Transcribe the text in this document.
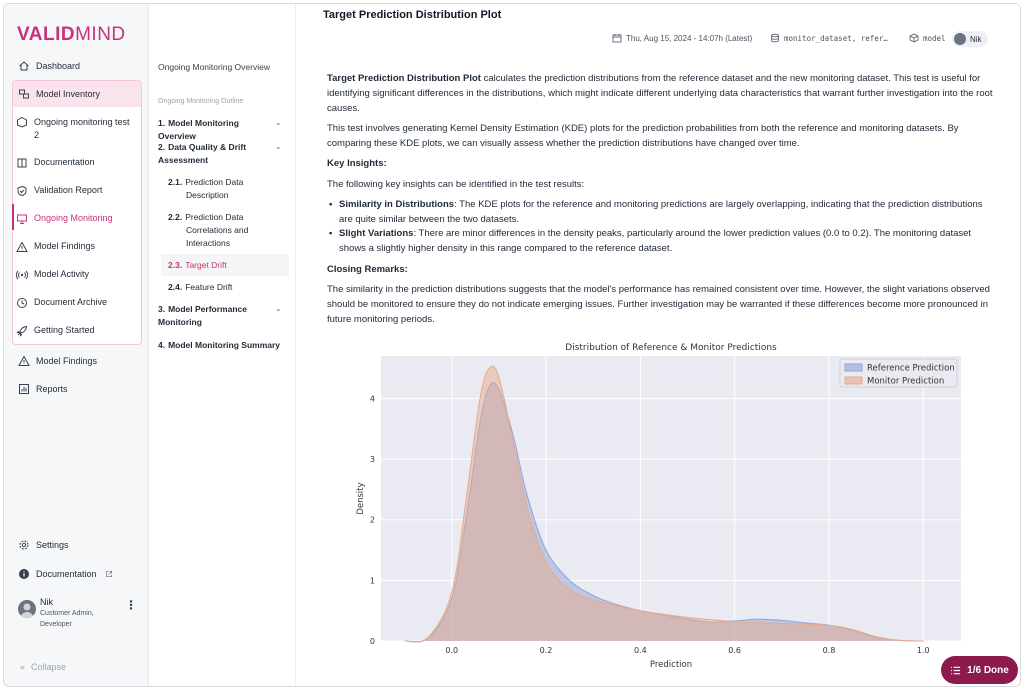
VALIDMIND
Dashboard
Model Inventory
Ongoing monitoring test 2
Documentation
Validation Report
Ongoing Monitoring
Model Findings
Model Activity
Document Archive
Getting Started
Model Findings
Reports
Settings
Documentation
Nik
Customer Admin, Developer
⋮
« Collapse
Ongoing Monitoring Overview
Ongoing Monitoring Outline
1. Model Monitoring Overview
⌄
2. Data Quality & Drift Assessment
⌄
2.1. Prediction Data Description
2.2. Prediction Data Correlations and Interactions
2.3. Target Drift
2.4. Feature Drift
3. Model Performance Monitoring
⌄
4. Model Monitoring Summary
Target Prediction Distribution Plot
Thu, Aug 15, 2024 - 14:07h (Latest)	monitor_dataset, refer…	model	Nik
Target Prediction Distribution Plot calculates the prediction distributions from the reference dataset and the new monitoring dataset. This test is useful for identifying significant differences in the distributions, which might indicate different underlying data characteristics that warrant further investigation into the root causes.
This test involves generating Kernel Density Estimation (KDE) plots for the prediction probabilities from both the reference and monitoring datasets. By comparing these KDE plots, we can visually assess whether the prediction distributions have changed over time.
Key Insights:
The following key insights can be identified in the test results:
• Similarity in Distributions: The KDE plots for the reference and monitoring predictions are largely overlapping, indicating that the prediction distributions are quite similar between the two datasets.
• Slight Variations: There are minor differences in the density peaks, particularly around the lower prediction values (0.0 to 0.2). The monitoring dataset shows a slightly higher density in this range compared to the reference dataset.
Closing Remarks:
The similarity in the prediction distributions suggests that the model's performance has remained consistent over time. However, the slight variations observed should be monitored to ensure they do not indicate emerging issues. Further investigation may be warranted if these differences become more pronounced in future monitoring periods.
0.0	0.2	0.4	0.6	0.8	1.0
0
1
2
3
4
Distribution of Reference & Monitor Predictions
Prediction
Density
Reference Prediction
Monitor Prediction
1/6 Done
